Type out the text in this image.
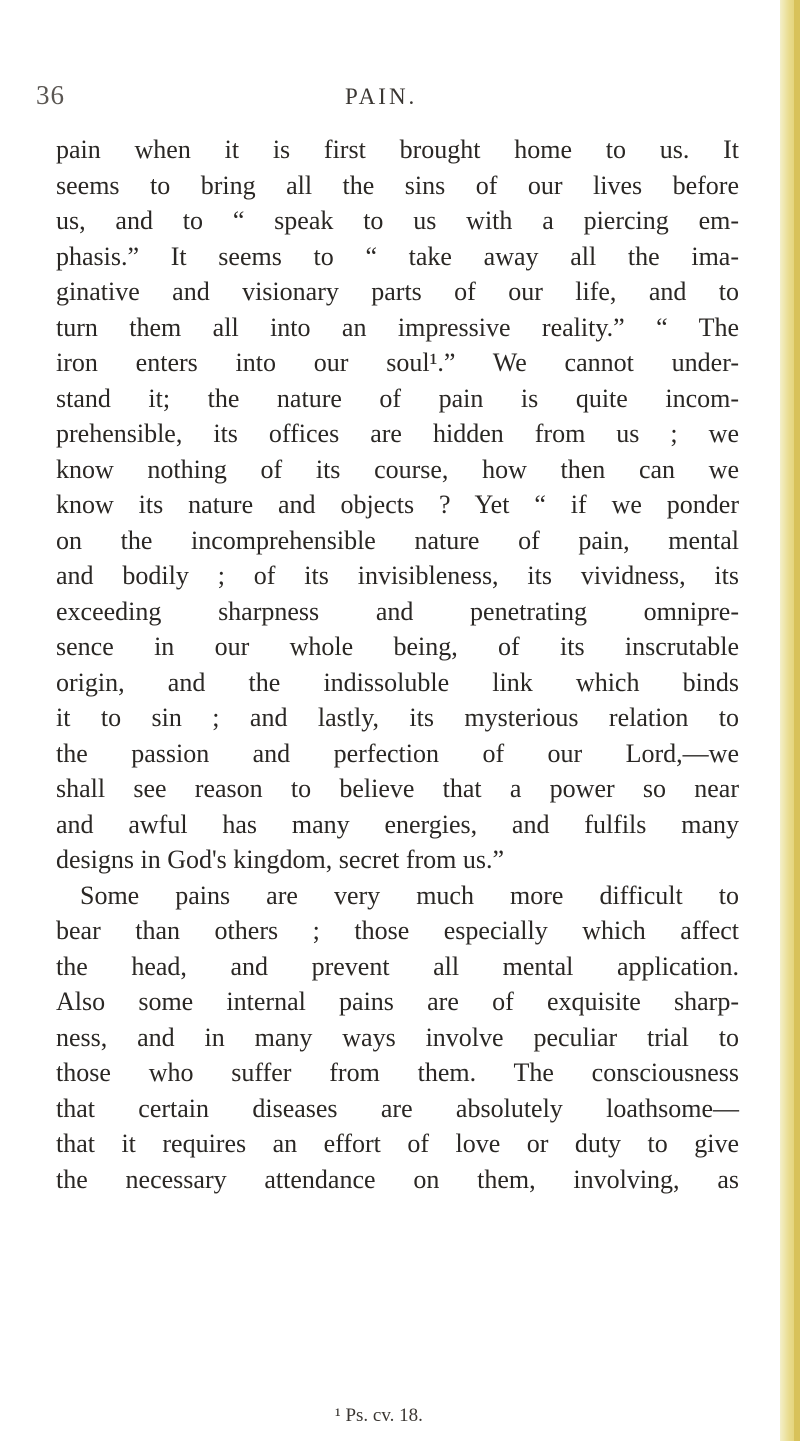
36	PAIN.
pain when it is first brought home to us. It
seems to bring all the sins of our lives before
us, and to “ speak to us with a piercing em-
phasis.” It seems to “ take away all the ima-
ginative and visionary parts of our life, and to
turn them all into an impressive reality.” “ The
iron enters into our soul¹.” We cannot under-
stand it; the nature of pain is quite incom-
prehensible, its offices are hidden from us ; we
know nothing of its course, how then can we
know its nature and objects ? Yet “ if we ponder
on the incomprehensible nature of pain, mental
and bodily ; of its invisibleness, its vividness, its
exceeding sharpness and penetrating omnipre-
sence in our whole being, of its inscrutable
origin, and the indissoluble link which binds
it to sin ; and lastly, its mysterious relation to
the passion and perfection of our Lord,—we
shall see reason to believe that a power so near
and awful has many energies, and fulfils many
designs in God's kingdom, secret from us.”
Some pains are very much more difficult to
bear than others ; those especially which affect
the head, and prevent all mental application.
Also some internal pains are of exquisite sharp-
ness, and in many ways involve peculiar trial to
those who suffer from them. The consciousness
that certain diseases are absolutely loathsome—
that it requires an effort of love or duty to give
the necessary attendance on them, involving, as
¹ Ps. cv. 18.
